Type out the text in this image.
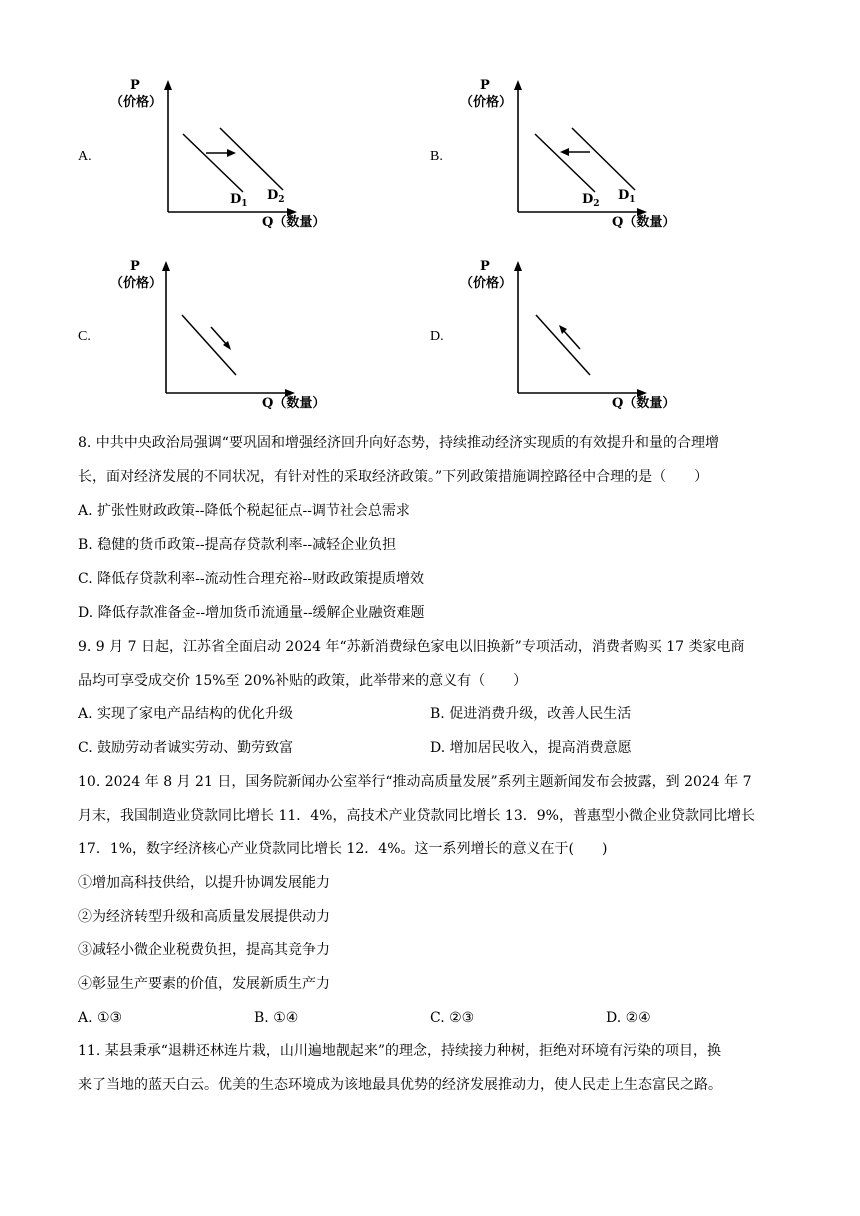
A.
P
（价格）
$D_1$
$D_2$
Q（数量）
B.
P
（价格）
$D_2$
$D_1$
Q（数量）
C.
P
（价格）
Q（数量）
D.
P
（价格）
Q（数量）
8. 中共中央政治局强调“要巩固和增强经济回升向好态势，持续推动经济实现质的有效提升和量的合理增
长，面对经济发展的不同状况，有针对性的采取经济政策。”下列政策措施调控路径中合理的是（　　）
A. 扩张性财政政策--降低个税起征点--调节社会总需求
B. 稳健的货币政策--提高存贷款利率--减轻企业负担
C. 降低存贷款利率--流动性合理充裕--财政政策提质增效
D. 降低存款准备金--增加货币流通量--缓解企业融资难题
9. 9 月 7 日起，江苏省全面启动 2024 年“苏新消费绿色家电以旧换新”专项活动，消费者购买 17 类家电商
品均可享受成交价 15%至 20%补贴的政策，此举带来的意义有（　　）
A. 实现了家电产品结构的优化升级	B. 促进消费升级，改善人民生活
C. 鼓励劳动者诚实劳动、勤劳致富	D. 增加居民收入，提高消费意愿
10. 2024 年 8 月 21 日，国务院新闻办公室举行“推动高质量发展”系列主题新闻发布会披露，到 2024 年 7
月末，我国制造业贷款同比增长 11．4%，高技术产业贷款同比增长 13．9%，普惠型小微企业贷款同比增长
17．1%，数字经济核心产业贷款同比增长 12．4%。这一系列增长的意义在于(　　)
①增加高科技供给，以提升协调发展能力
②为经济转型升级和高质量发展提供动力
③减轻小微企业税费负担，提高其竞争力
④彰显生产要素的价值，发展新质生产力
A. ①③	B. ①④	C. ②③	D. ②④
11. 某县秉承“退耕还林连片栽，山川遍地靓起来”的理念，持续接力种树，拒绝对环境有污染的项目，换
来了当地的蓝天白云。优美的生态环境成为该地最具优势的经济发展推动力，使人民走上生态富民之路。
